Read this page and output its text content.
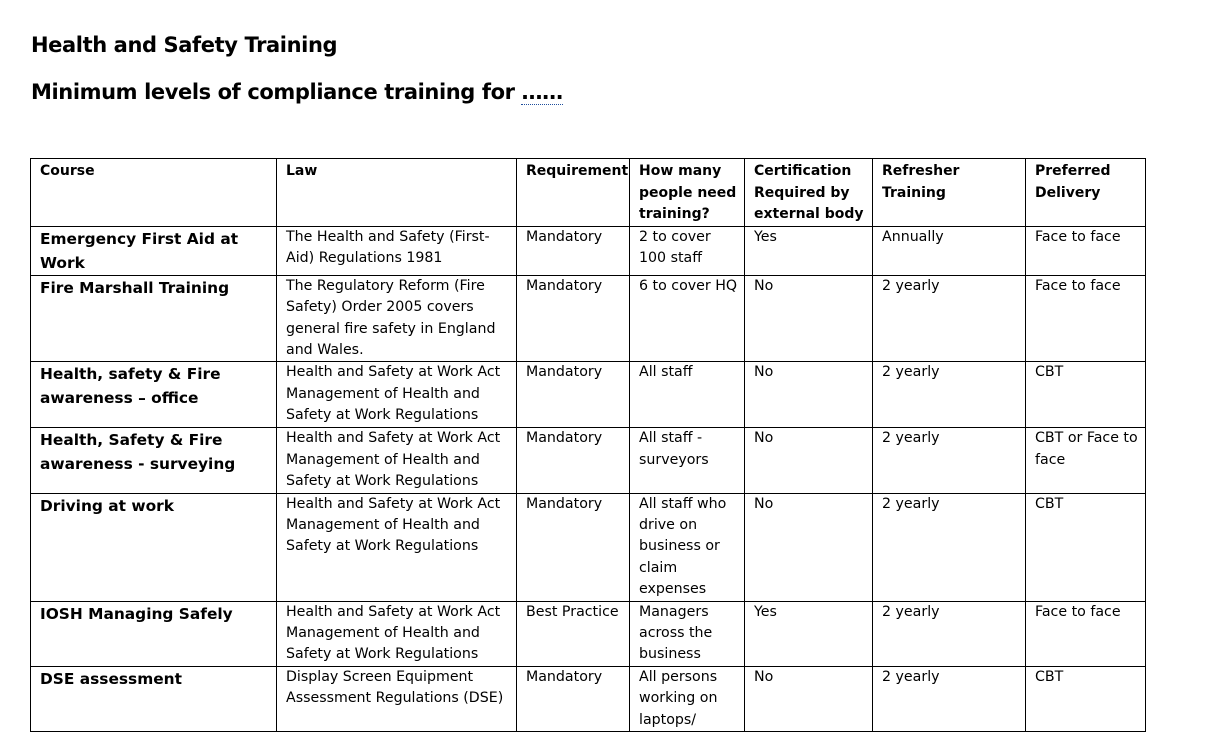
Health and Safety Training
Minimum levels of compliance training for ……
Course	Law	Requirement	How many people need training?	Certification Required by external body	Refresher Training	Preferred Delivery
Emergency First Aid at Work	The Health and Safety (First-Aid) Regulations 1981	Mandatory	2 to cover 100 staff	Yes	Annually	Face to face
Fire Marshall Training	The Regulatory Reform (Fire Safety) Order 2005 covers general fire safety in England and Wales.	Mandatory	6 to cover HQ	No	2 yearly	Face to face
Health, safety & Fire awareness – office	Health and Safety at Work Act Management of Health and Safety at Work Regulations	Mandatory	All staff	No	2 yearly	CBT
Health, Safety & Fire awareness - surveying	Health and Safety at Work Act Management of Health and Safety at Work Regulations	Mandatory	All staff - surveyors	No	2 yearly	CBT or Face to face
Driving at work	Health and Safety at Work Act Management of Health and Safety at Work Regulations	Mandatory	All staff who drive on business or claim expenses	No	2 yearly	CBT
IOSH Managing Safely	Health and Safety at Work Act Management of Health and Safety at Work Regulations	Best Practice	Managers across the business	Yes	2 yearly	Face to face
DSE assessment	Display Screen Equipment Assessment Regulations (DSE)	Mandatory	All persons working on laptops/	No	2 yearly	CBT
